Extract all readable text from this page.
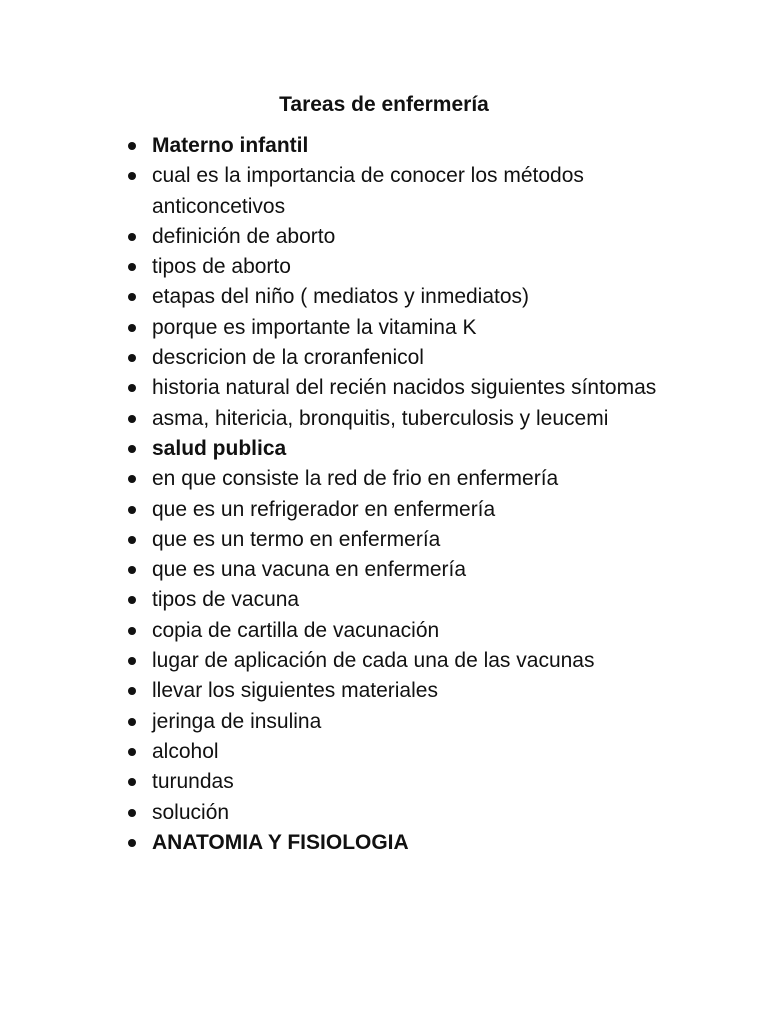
Tareas de enfermería
Materno infantil
cual es la importancia de conocer los métodos anticoncetivos
definición de aborto
tipos de aborto
etapas del niño ( mediatos y inmediatos)
porque es importante la vitamina K
descricion de la croranfenicol
historia natural del recién nacidos siguientes síntomas
asma, hitericia, bronquitis, tuberculosis y leucemi
salud publica
en que consiste la red de frio en enfermería
que es un refrigerador en enfermería
que es un termo en enfermería
que es una vacuna en enfermería
tipos de vacuna
copia de cartilla de vacunación
lugar de aplicación de cada una de las vacunas
llevar los siguientes materiales
jeringa de insulina
alcohol
turundas
solución
ANATOMIA Y FISIOLOGIA
